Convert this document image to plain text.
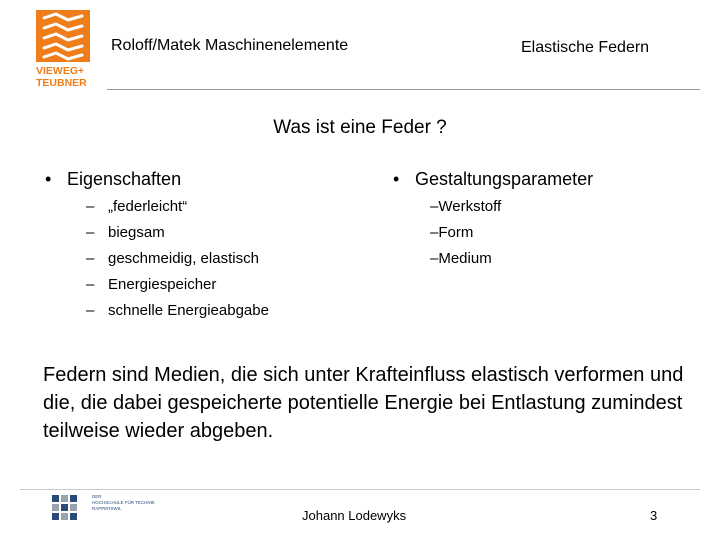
VIEWEG+
TEUBNER
Roloff/Matek Maschinenelemente	Elastische Federn
Was ist eine Feder ?
• Eigenschaften
– „federleicht“
– biegsam
– geschmeidig, elastisch
– Energiespeicher
– schnelle Energieabgabe
• Gestaltungsparameter
–Werkstoff
–Form
–Medium
Federn sind Medien, die sich unter Krafteinfluss elastisch verformen und die, die dabei gespeicherte potentielle Energie bei Entlastung zumindest teilweise wieder abgeben.
DER
HOCHSCHULE FÜR TECHNIK
RAPPERSWIL	Johann Lodewyks	3
